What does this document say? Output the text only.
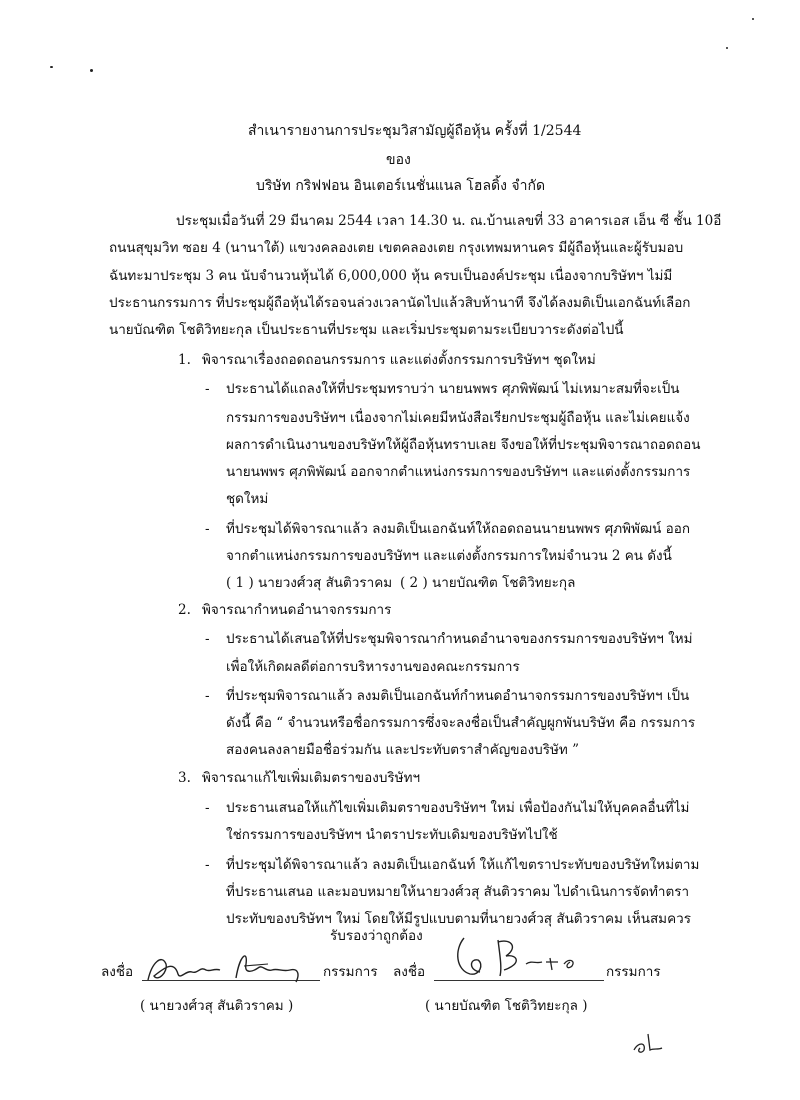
สำเนารายงานการประชุมวิสามัญผู้ถือหุ้น ครั้งที่ 1/2544
ของ
บริษัท กริฟฟอน อินเตอร์เนชั่นแนล โฮลดิ้ง จำกัด
ประชุมเมื่อวันที่ 29 มีนาคม 2544 เวลา 14.30 น. ณ.บ้านเลขที่ 33 อาคารเอส เอ็น ซี ชั้น 10อี
ถนนสุขุมวิท ซอย 4 (นานาใต้) แขวงคลองเตย เขตคลองเตย กรุงเทพมหานคร มีผู้ถือหุ้นและผู้รับมอบ
ฉันทะมาประชุม 3 คน นับจำนวนหุ้นได้ 6,000,000 หุ้น ครบเป็นองค์ประชุม เนื่องจากบริษัทฯ ไม่มี
ประธานกรรมการ ที่ประชุมผู้ถือหุ้นได้รอจนล่วงเวลานัดไปแล้วสิบห้านาที จึงได้ลงมติเป็นเอกฉันท์เลือก
นายบัณฑิต โชติวิทยะกุล เป็นประธานที่ประชุม และเริ่มประชุมตามระเบียบวาระดังต่อไปนี้
1. พิจารณาเรื่องถอดถอนกรรมการ และแต่งตั้งกรรมการบริษัทฯ ชุดใหม่
- ประธานได้แถลงให้ที่ประชุมทราบว่า นายนพพร ศุภพิพัฒน์ ไม่เหมาะสมที่จะเป็น
กรรมการของบริษัทฯ เนื่องจากไม่เคยมีหนังสือเรียกประชุมผู้ถือหุ้น และไม่เคยแจ้ง
ผลการดำเนินงานของบริษัทให้ผู้ถือหุ้นทราบเลย จึงขอให้ที่ประชุมพิจารณาถอดถอน
นายนพพร ศุภพิพัฒน์ ออกจากตำแหน่งกรรมการของบริษัทฯ และแต่งตั้งกรรมการ
ชุดใหม่
- ที่ประชุมได้พิจารณาแล้ว ลงมติเป็นเอกฉันท์ให้ถอดถอนนายนพพร ศุภพิพัฒน์ ออก
จากตำแหน่งกรรมการของบริษัทฯ และแต่งตั้งกรรมการใหม่จำนวน 2 คน ดังนี้
( 1 ) นายวงศ์วสุ สันติวราคม ( 2 ) นายบัณฑิต โชติวิทยะกุล
2. พิจารณากำหนดอำนาจกรรมการ
- ประธานได้เสนอให้ที่ประชุมพิจารณากำหนดอำนาจของกรรมการของบริษัทฯ ใหม่
เพื่อให้เกิดผลดีต่อการบริหารงานของคณะกรรมการ
- ที่ประชุมพิจารณาแล้ว ลงมติเป็นเอกฉันท์กำหนดอำนาจกรรมการของบริษัทฯ เป็น
ดังนี้ คือ “ จำนวนหรือชื่อกรรมการซึ่งจะลงชื่อเป็นสำคัญผูกพันบริษัท คือ กรรมการ
สองคนลงลายมือชื่อร่วมกัน และประทับตราสำคัญของบริษัท ”
3. พิจารณาแก้ไขเพิ่มเติมตราของบริษัทฯ
- ประธานเสนอให้แก้ไขเพิ่มเติมตราของบริษัทฯ ใหม่ เพื่อป้องกันไม่ให้บุคคลอื่นที่ไม่
ใช่กรรมการของบริษัทฯ นำตราประทับเดิมของบริษัทไปใช้
- ที่ประชุมได้พิจารณาแล้ว ลงมติเป็นเอกฉันท์ ให้แก้ไขตราประทับของบริษัทใหม่ตาม
ที่ประธานเสนอ และมอบหมายให้นายวงศ์วสุ สันติวราคม ไปดำเนินการจัดทำตรา
ประทับของบริษัทฯ ใหม่ โดยให้มีรูปแบบตามที่นายวงศ์วสุ สันติวราคม เห็นสมควร
รับรองว่าถูกต้อง
ลงชื่อ	กรรมการ
( นายวงศ์วสุ สันติวราคม )
ลงชื่อ	กรรมการ
( นายบัณฑิต โชติวิทยะกุล )
